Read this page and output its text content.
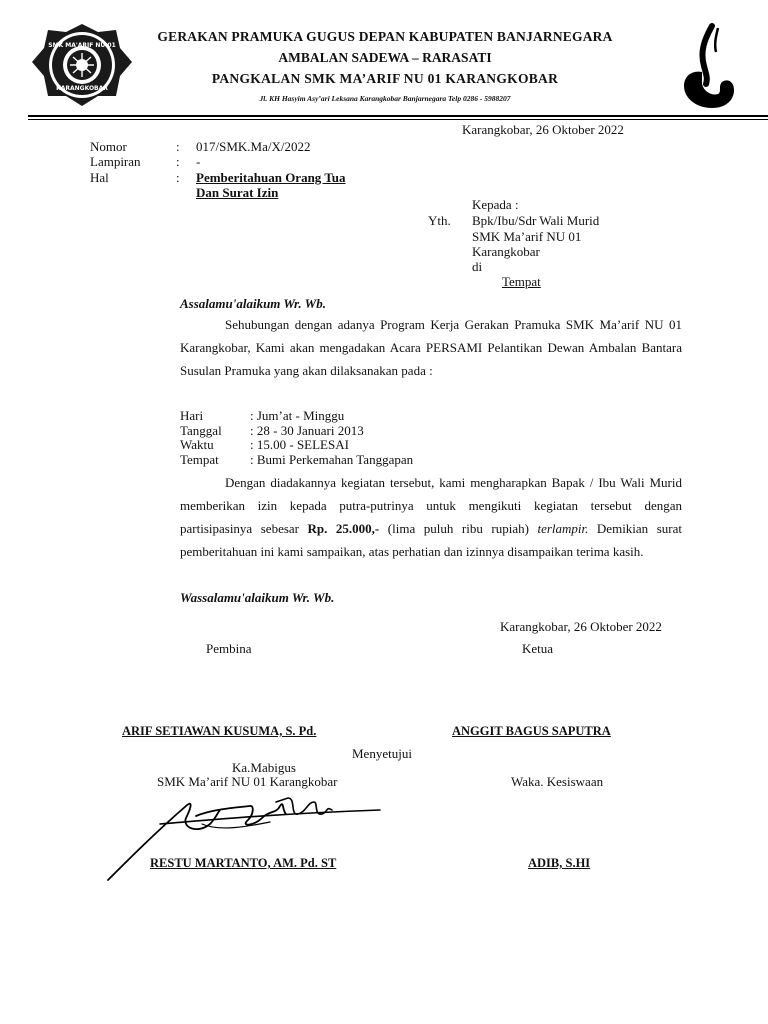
SMK MA'ARIF NU 01
KARANGKOBAR
GERAKAN PRAMUKA GUGUS DEPAN KABUPATEN BANJARNEGARA
AMBALAN SADEWA – RARASATI
PANGKALAN SMK MA’ARIF NU 01 KARANGKOBAR
Jl. KH Hasyim Asy’ari Leksana Karangkobar Banjarnegara Telp 0286 - 5988207
Karangkobar, 26 Oktober 2022
Nomor	: 017/SMK.Ma/X/2022
Lampiran	: -
Hal	: Pemberitahuan Orang Tua
Dan Surat Izin
Kepada :
Yth. Bpk/Ibu/Sdr Wali Murid
SMK Ma’arif NU 01
Karangkobar
di
Tempat
Assalamu'alaikum Wr. Wb.
Sehubungan dengan adanya Program Kerja Gerakan Pramuka SMK Ma’arif NU 01 Karangkobar, Kami akan mengadakan Acara PERSAMI Pelantikan Dewan Ambalan Bantara Susulan Pramuka yang akan dilaksanakan pada :
Hari	: Jum’at - Minggu
Tanggal : 28 - 30 Januari 2013
Waktu	: 15.00 - SELESAI
Tempat : Bumi Perkemahan Tanggapan
Dengan diadakannya kegiatan tersebut, kami mengharapkan Bapak / Ibu Wali Murid memberikan izin kepada putra-putrinya untuk mengikuti kegiatan tersebut dengan partisipasinya sebesar Rp. 25.000,- (lima puluh ribu rupiah) terlampir. Demikian surat pemberitahuan ini kami sampaikan, atas perhatian dan izinnya disampaikan terima kasih.
Wassalamu'alaikum Wr. Wb.
Karangkobar, 26 Oktober 2022
Pembina	Ketua
ARIF SETIAWAN KUSUMA, S. Pd.	ANGGIT BAGUS SAPUTRA
Menyetujui
Ka.Mabigus
SMK Ma’arif NU 01 Karangkobar	Waka. Kesiswaan
RESTU MARTANTO, AM. Pd. ST	ADIB, S.HI
